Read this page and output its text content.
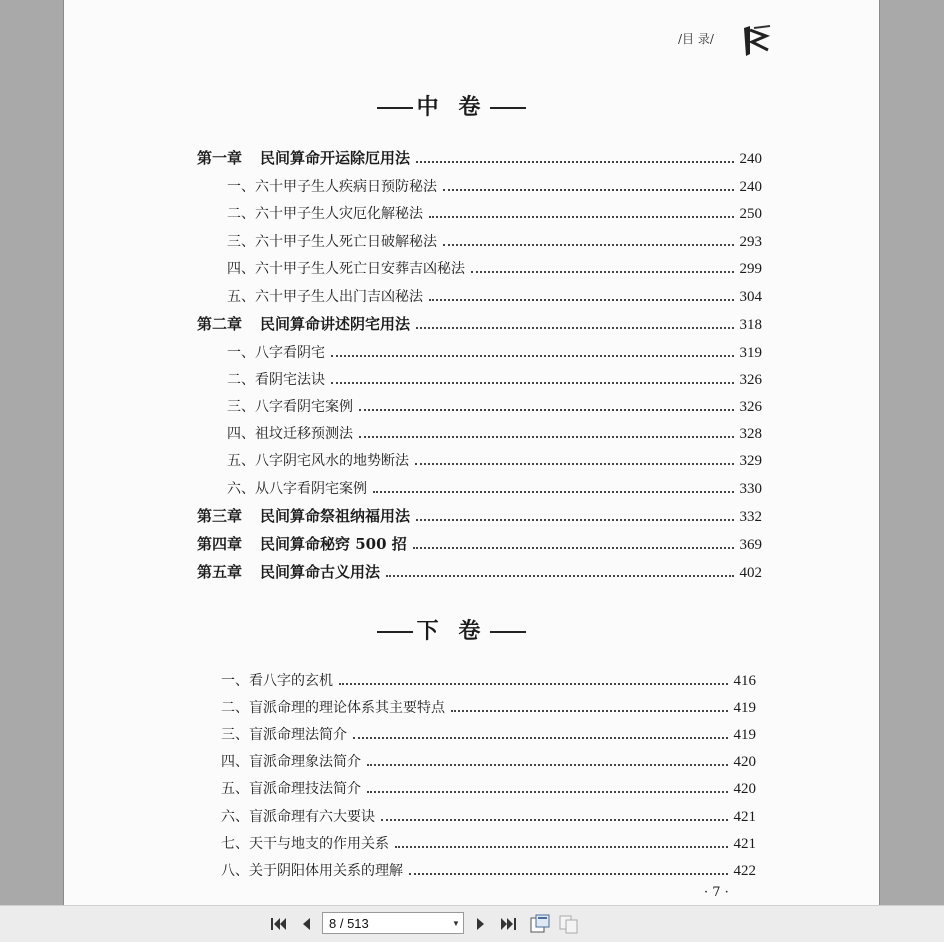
/目 录/
中 卷
第一章 民间算命开运除厄用法	240
一、六十甲子生人疾病日预防秘法	240
二、六十甲子生人灾厄化解秘法	250
三、六十甲子生人死亡日破解秘法	293
四、六十甲子生人死亡日安葬吉凶秘法	299
五、六十甲子生人出门吉凶秘法	304
第二章 民间算命讲述阴宅用法	318
一、八字看阴宅	319
二、看阴宅法诀	326
三、八字看阴宅案例	326
四、祖坟迁移预测法	328
五、八字阴宅风水的地势断法	329
六、从八字看阴宅案例	330
第三章 民间算命祭祖纳福用法	332
第四章 民间算命秘窍 500 招	369
第五章 民间算命古义用法	402
下 卷
一、看八字的玄机	416
二、盲派命理的理论体系其主要特点	419
三、盲派命理法简介	419
四、盲派命理象法简介	420
五、盲派命理技法简介	420
六、盲派命理有六大要诀	421
七、天干与地支的作用关系	421
八、关于阴阳体用关系的理解	422
· 7 ·
8 / 513	▼
